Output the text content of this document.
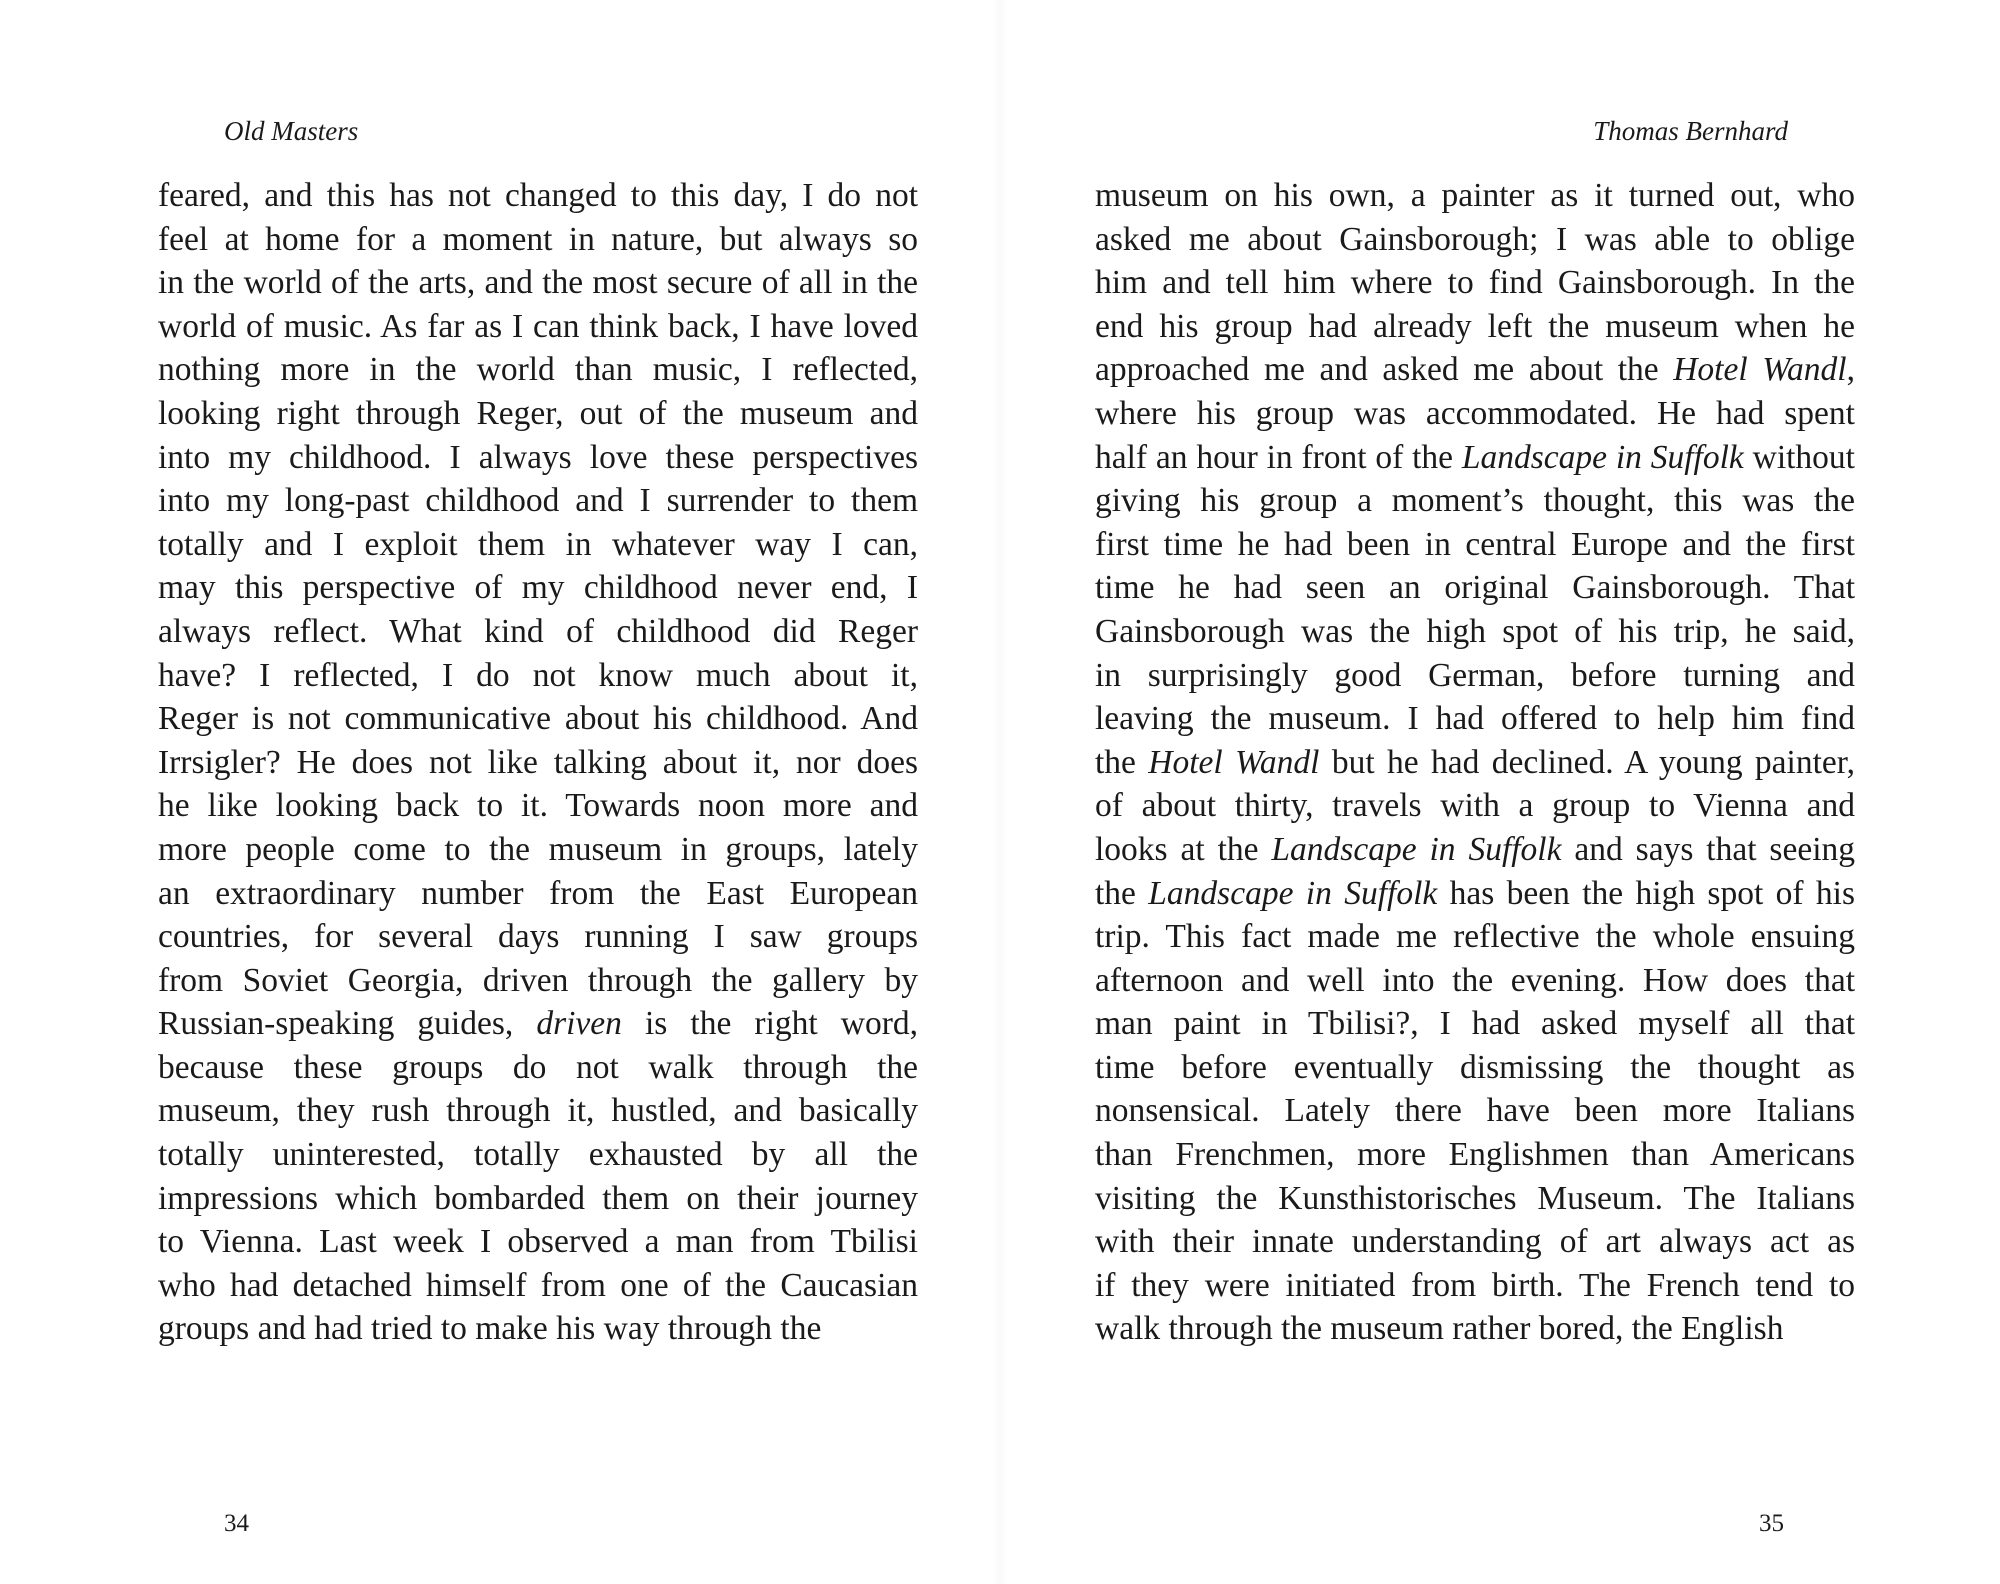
Old Masters
feared, and this has not changed to this day, I do not
feel at home for a moment in nature, but always so
in the world of the arts, and the most secure of all in the
world of music. As far as I can think back, I have loved
nothing more in the world than music, I reflected,
looking right through Reger, out of the museum and
into my childhood. I always love these perspectives
into my long-past childhood and I surrender to them
totally and I exploit them in whatever way I can,
may this perspective of my childhood never end, I
always reflect. What kind of childhood did Reger
have? I reflected, I do not know much about it,
Reger is not communicative about his childhood. And
Irrsigler? He does not like talking about it, nor does
he like looking back to it. Towards noon more and
more people come to the museum in groups, lately
an extraordinary number from the East European
countries, for several days running I saw groups
from Soviet Georgia, driven through the gallery by
Russian-speaking guides, driven is the right word,
because these groups do not walk through the
museum, they rush through it, hustled, and basically
totally uninterested, totally exhausted by all the
impressions which bombarded them on their journey
to Vienna. Last week I observed a man from Tbilisi
who had detached himself from one of the Caucasian
groups and had tried to make his way through the
34
Thomas Bernhard
museum on his own, a painter as it turned out, who
asked me about Gainsborough; I was able to oblige
him and tell him where to find Gainsborough. In the
end his group had already left the museum when he
approached me and asked me about the Hotel Wandl,
where his group was accommodated. He had spent
half an hour in front of the Landscape in Suffolk without
giving his group a moment’s thought, this was the
first time he had been in central Europe and the first
time he had seen an original Gainsborough. That
Gainsborough was the high spot of his trip, he said,
in surprisingly good German, before turning and
leaving the museum. I had offered to help him find
the Hotel Wandl but he had declined. A young painter,
of about thirty, travels with a group to Vienna and
looks at the Landscape in Suffolk and says that seeing
the Landscape in Suffolk has been the high spot of his
trip. This fact made me reflective the whole ensuing
afternoon and well into the evening. How does that
man paint in Tbilisi?, I had asked myself all that
time before eventually dismissing the thought as
nonsensical. Lately there have been more Italians
than Frenchmen, more Englishmen than Americans
visiting the Kunsthistorisches Museum. The Italians
with their innate understanding of art always act as
if they were initiated from birth. The French tend to
walk through the museum rather bored, the English
35
